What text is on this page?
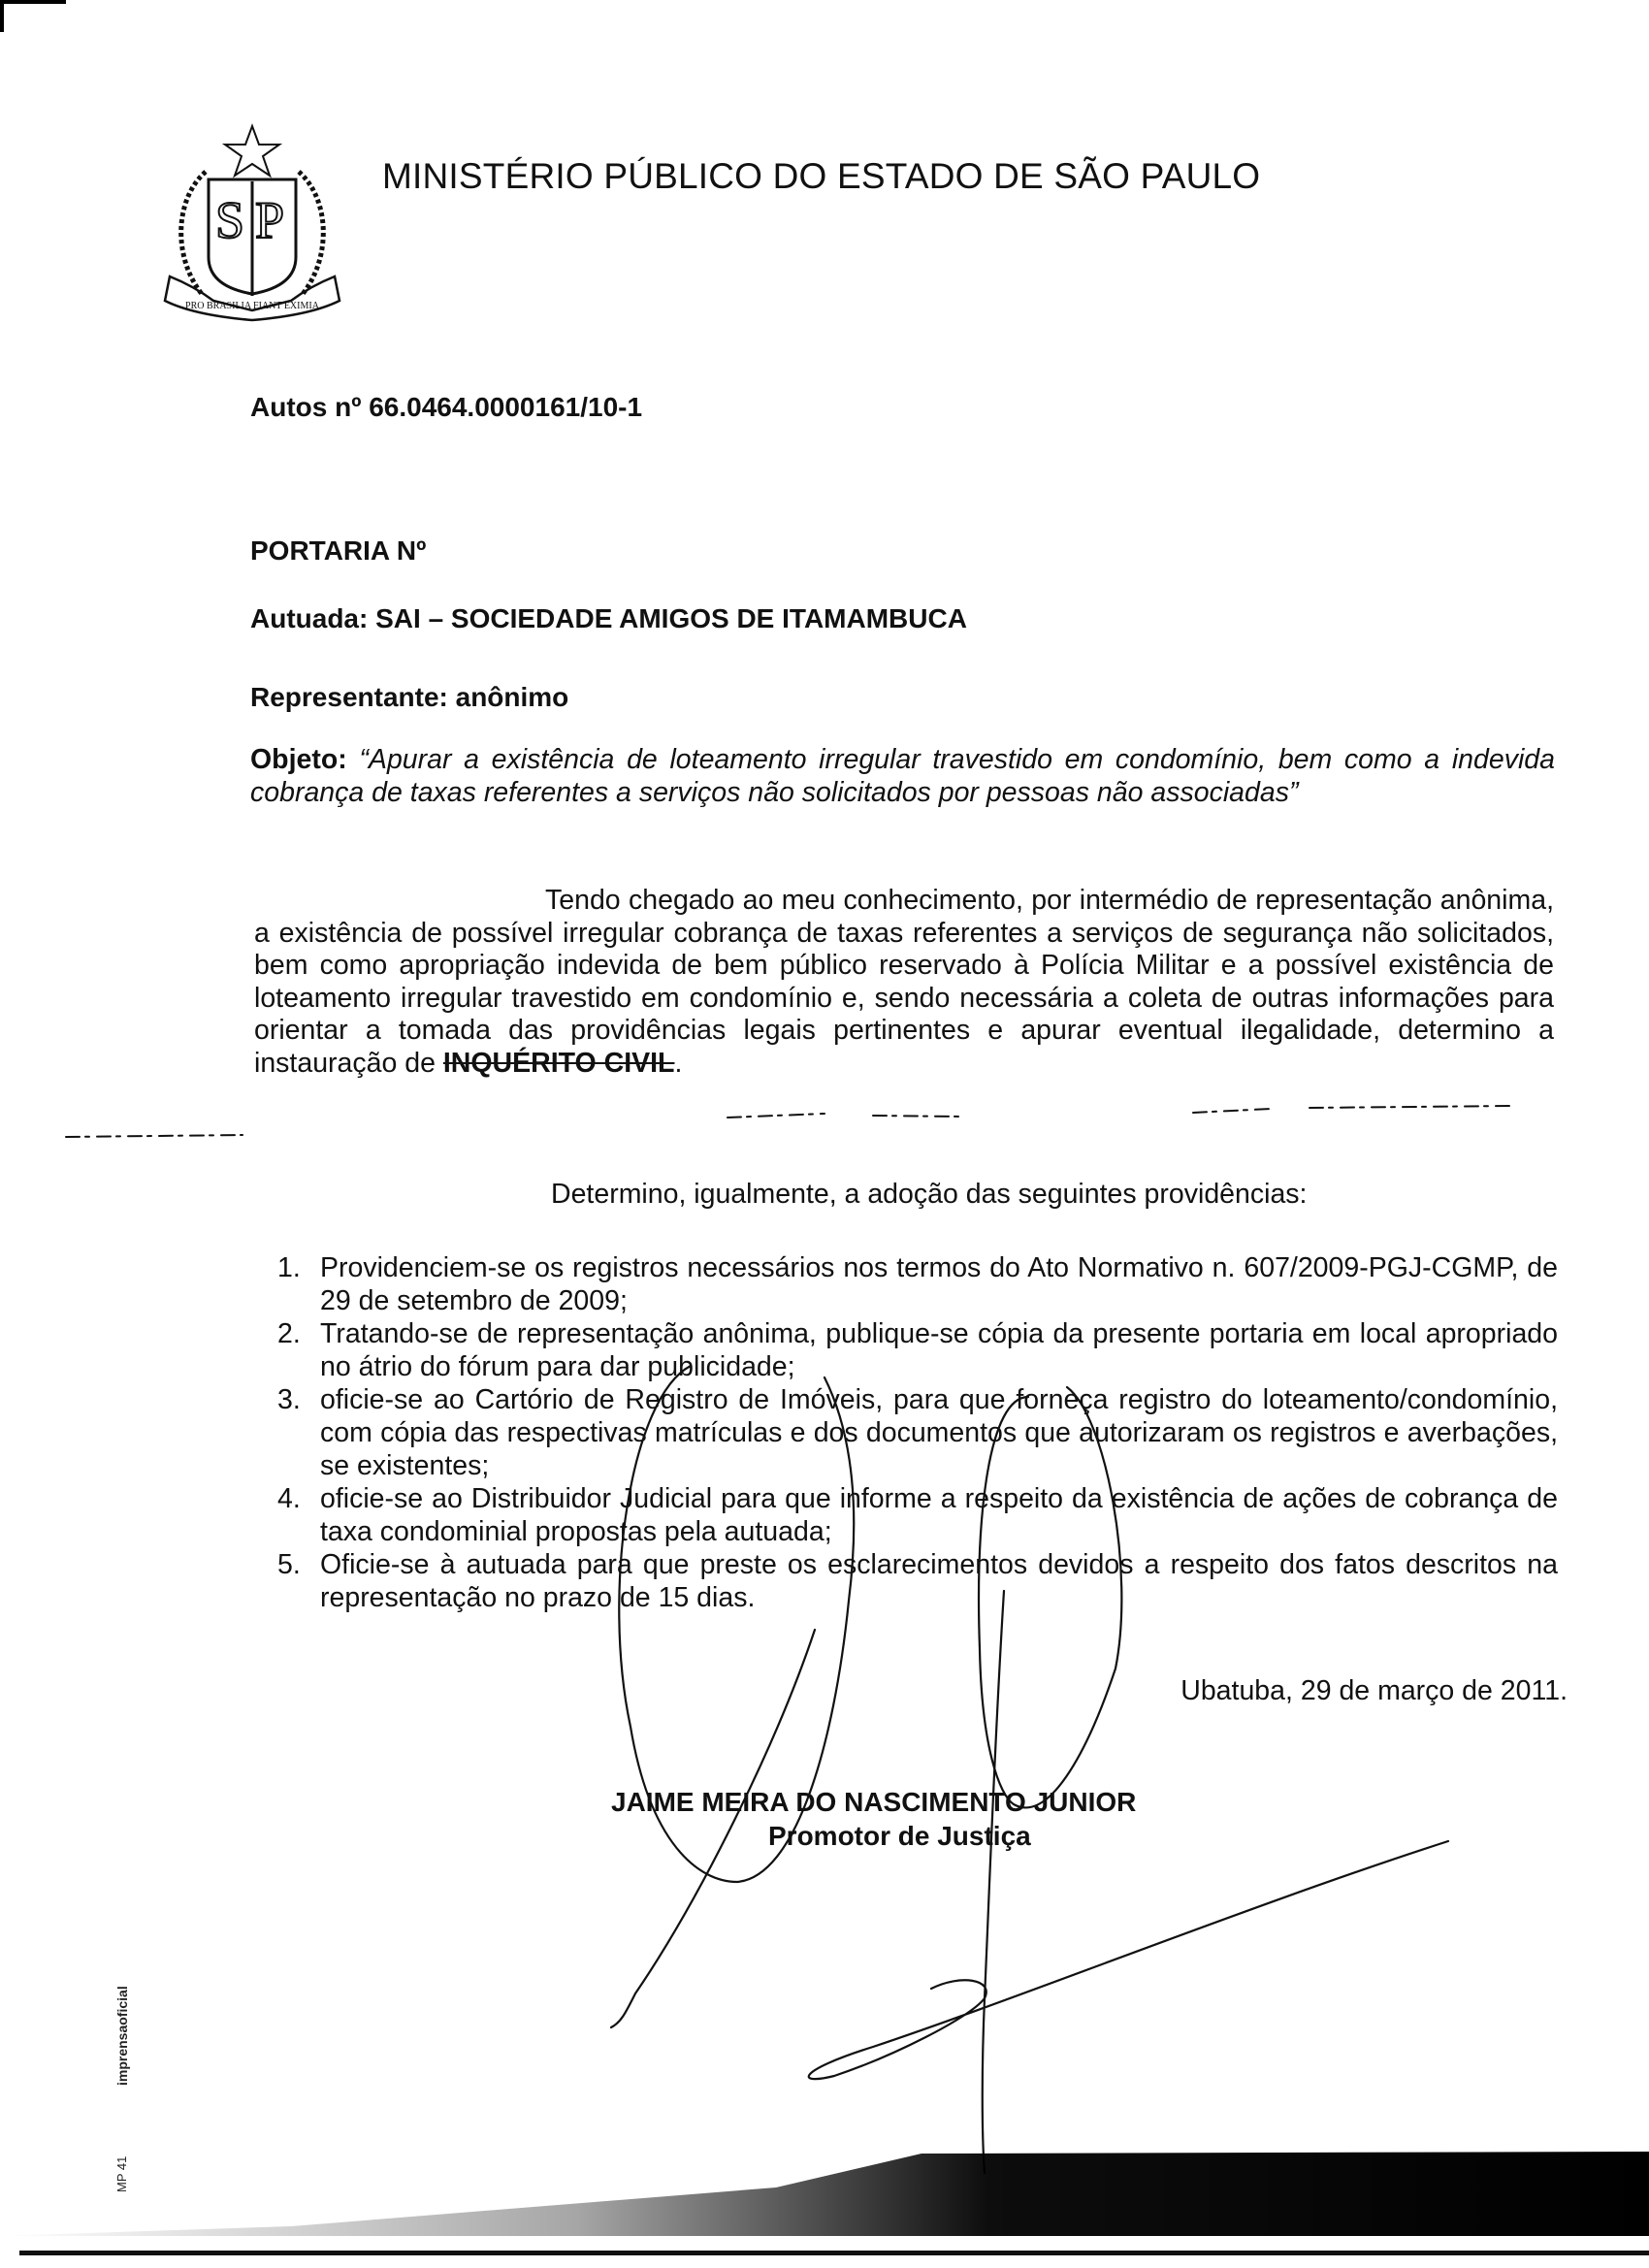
S P
PRO BRASILIA FIANT EXIMIA
MINISTÉRIO PÚBLICO DO ESTADO DE SÃO PAULO
Autos nº 66.0464.0000161/10-1
PORTARIA Nº
Autuada: SAI – SOCIEDADE AMIGOS DE ITAMAMBUCA
Representante: anônimo
Objeto: “Apurar a existência de loteamento irregular travestido em condomínio, bem como a indevida cobrança de taxas referentes a serviços não solicitados por pessoas não associadas”
Tendo chegado ao meu conhecimento, por intermédio de representação anônima, a existência de possível irregular cobrança de taxas referentes a serviços de segurança não solicitados, bem como apropriação indevida de bem público reservado à Polícia Militar e a possível existência de loteamento irregular travestido em condomínio e, sendo necessária a coleta de outras informações para orientar a tomada das providências legais pertinentes e apurar eventual ilegalidade, determino a instauração de INQUÉRITO CIVIL.
Determino, igualmente, a adoção das seguintes providências:
1. Providenciem-se os registros necessários nos termos do Ato Normativo n. 607/2009-PGJ-CGMP, de 29 de setembro de 2009;
2. Tratando-se de representação anônima, publique-se cópia da presente portaria em local apropriado no átrio do fórum para dar publicidade;
3. oficie-se ao Cartório de Registro de Imóveis, para que forneça registro do loteamento/condomínio, com cópia das respectivas matrículas e dos documentos que autorizaram os registros e averbações, se existentes;
4. oficie-se ao Distribuidor Judicial para que informe a respeito da existência de ações de cobrança de taxa condominial propostas pela autuada;
5. Oficie-se à autuada para que preste os esclarecimentos devidos a respeito dos fatos descritos na representação no prazo de 15 dias.
Ubatuba, 29 de março de 2011.
JAIME MEIRA DO NASCIMENTO JUNIOR
Promotor de Justiça
imprensaoficial
MP 41
